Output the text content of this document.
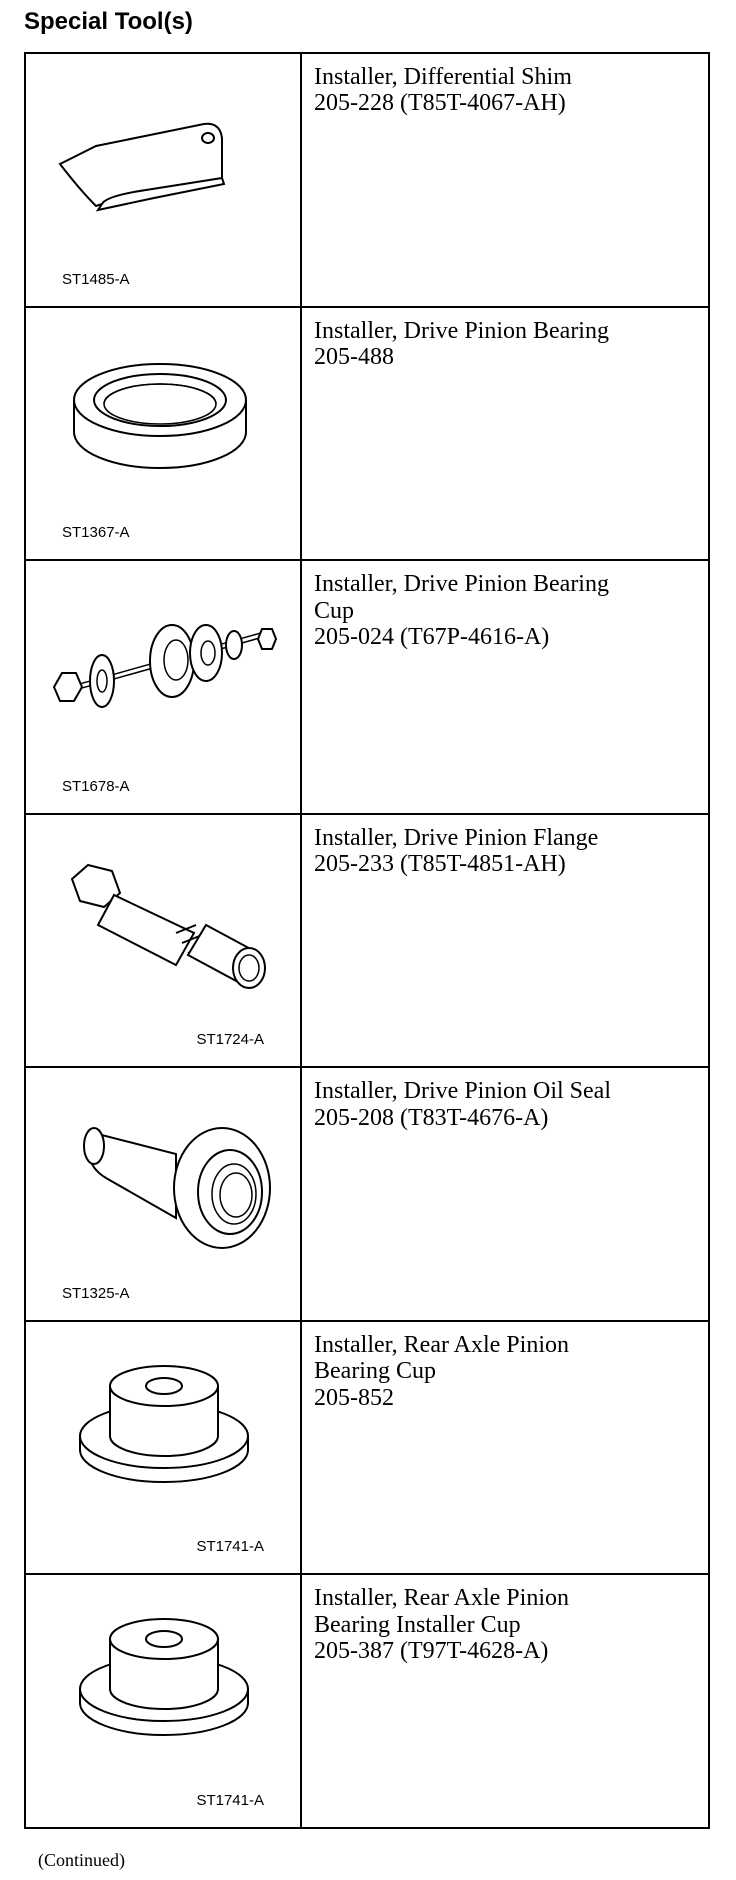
Special Tool(s)
ST1485-A
Installer, Differential Shim
205-228 (T85T-4067-AH)
ST1367-A
Installer, Drive Pinion Bearing
205-488
ST1678-A
Installer, Drive Pinion Bearing
Cup
205-024 (T67P-4616-A)
ST1724-A
Installer, Drive Pinion Flange
205-233 (T85T-4851-AH)
ST1325-A
Installer, Drive Pinion Oil Seal
205-208 (T83T-4676-A)
ST1741-A
Installer, Rear Axle Pinion
Bearing Cup
205-852
ST1741-A
Installer, Rear Axle Pinion
Bearing Installer Cup
205-387 (T97T-4628-A)
(Continued)
